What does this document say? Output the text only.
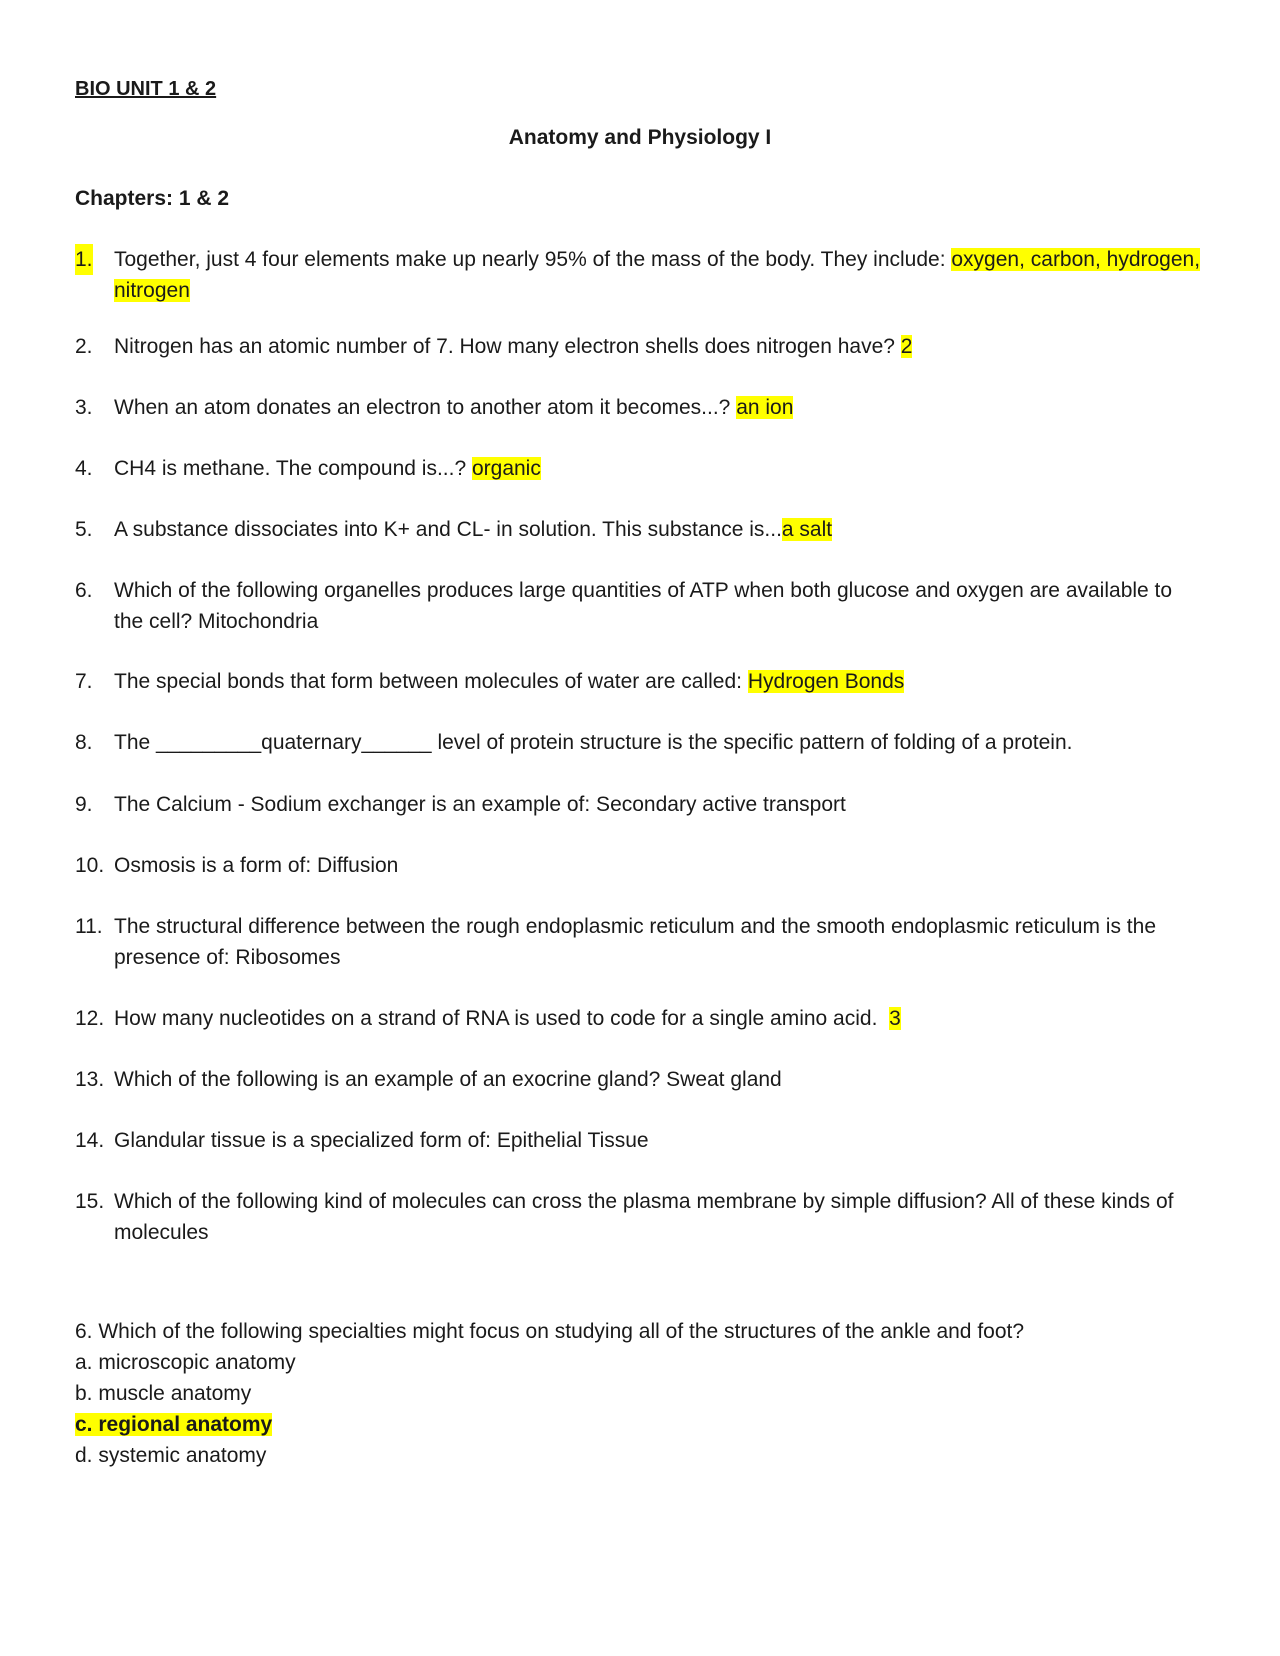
BIO UNIT 1 & 2
Anatomy and Physiology I
Chapters: 1 & 2
1. Together, just 4 four elements make up nearly 95% of the mass of the body. They include: oxygen, carbon, hydrogen, nitrogen
2. Nitrogen has an atomic number of 7. How many electron shells does nitrogen have? 2
3. When an atom donates an electron to another atom it becomes...? an ion
4. CH4 is methane. The compound is...? organic
5. A substance dissociates into K+ and CL- in solution. This substance is...a salt
6. Which of the following organelles produces large quantities of ATP when both glucose and oxygen are available to the cell? Mitochondria
7. The special bonds that form between molecules of water are called: Hydrogen Bonds
8. The _________quaternary______ level of protein structure is the specific pattern of folding of a protein.
9. The Calcium - Sodium exchanger is an example of: Secondary active transport
10. Osmosis is a form of: Diffusion
11. The structural difference between the rough endoplasmic reticulum and the smooth endoplasmic reticulum is the presence of: Ribosomes
12. How many nucleotides on a strand of RNA is used to code for a single amino acid.  3
13. Which of the following is an example of an exocrine gland? Sweat gland
14. Glandular tissue is a specialized form of: Epithelial Tissue
15. Which of the following kind of molecules can cross the plasma membrane by simple diffusion? All of these kinds of molecules
6. Which of the following specialties might focus on studying all of the structures of the ankle and foot?
a. microscopic anatomy
b. muscle anatomy
c. regional anatomy
d. systemic anatomy
